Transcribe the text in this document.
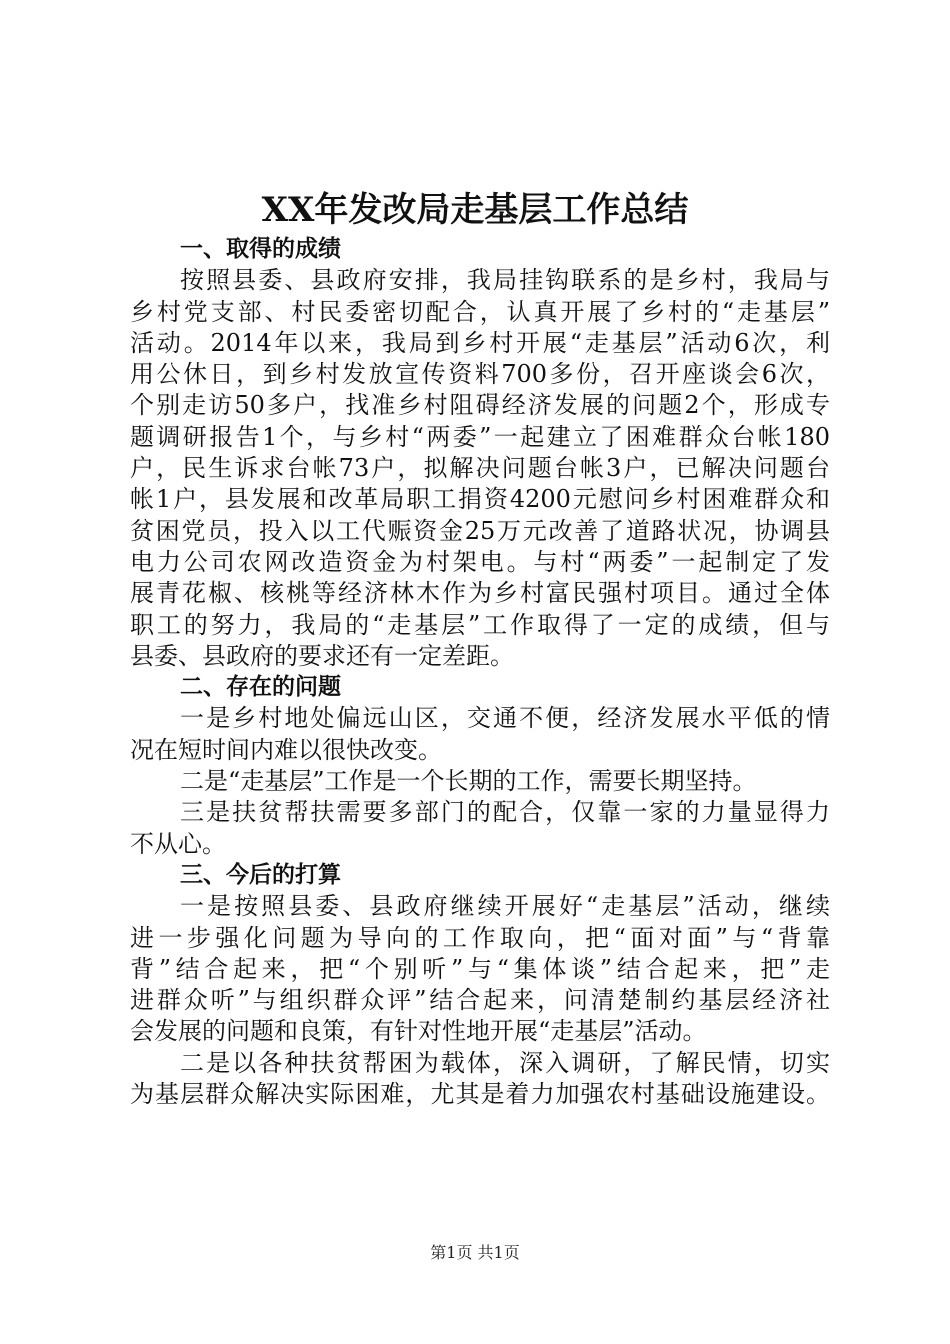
XX年发改局走基层工作总结
一、取得的成绩
按照县委、县政府安排，我局挂钩联系的是乡村，我局与
乡村党支部、村民委密切配合，认真开展了乡村的“走基层”
活动。2014年以来，我局到乡村开展“走基层”活动6次，利
用公休日，到乡村发放宣传资料700多份，召开座谈会6次，
个别走访50多户，找准乡村阻碍经济发展的问题2个，形成专
题调研报告1个，与乡村“两委”一起建立了困难群众台帐180
户，民生诉求台帐73户，拟解决问题台帐3户，已解决问题台
帐1户，县发展和改革局职工捐资4200元慰问乡村困难群众和
贫困党员，投入以工代赈资金25万元改善了道路状况，协调县
电力公司农网改造资金为村架电。与村“两委”一起制定了发
展青花椒、核桃等经济林木作为乡村富民强村项目。通过全体
职工的努力，我局的“走基层”工作取得了一定的成绩，但与
县委、县政府的要求还有一定差距。
二、存在的问题
一是乡村地处偏远山区，交通不便，经济发展水平低的情
况在短时间内难以很快改变。
二是“走基层”工作是一个长期的工作，需要长期坚持。
三是扶贫帮扶需要多部门的配合，仅靠一家的力量显得力
不从心。
三、今后的打算
一是按照县委、县政府继续开展好“走基层”活动，继续
进一步强化问题为导向的工作取向，把“面对面”与“背靠
背”结合起来，把“个别听”与“集体谈”结合起来，把”走
进群众听”与组织群众评”结合起来，问清楚制约基层经济社
会发展的问题和良策，有针对性地开展“走基层”活动。
二是以各种扶贫帮困为载体，深入调研，了解民情，切实
为基层群众解决实际困难，尤其是着力加强农村基础设施建设。
第1页 共1页
